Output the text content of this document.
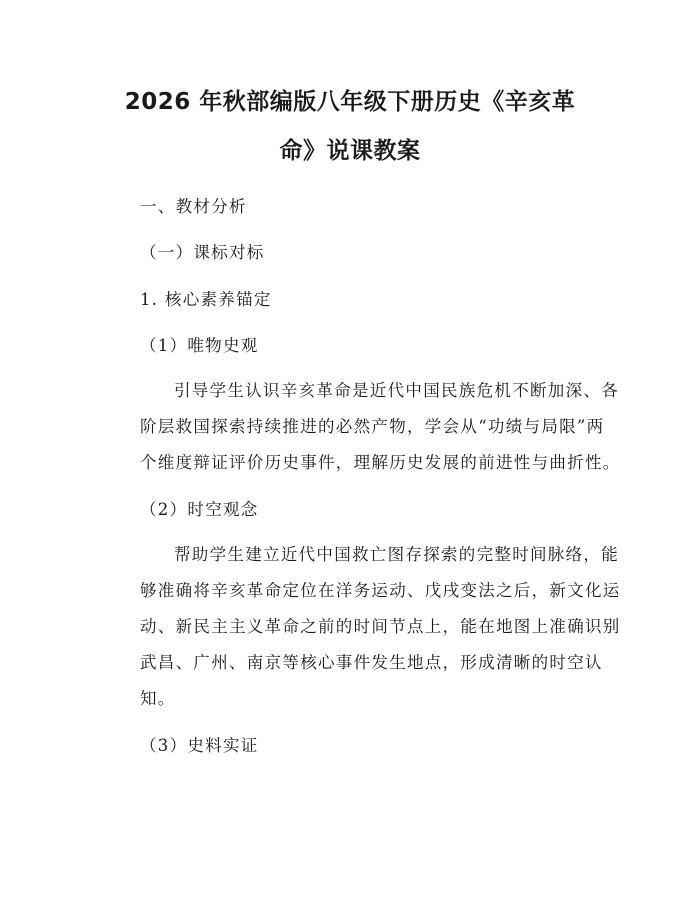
2026 年秋部编版八年级下册历史《辛亥革
命》说课教案
一、教材分析
（一）课标对标
1. 核心素养锚定
（1）唯物史观
引导学生认识辛亥革命是近代中国民族危机不断加深、各
阶层救国探索持续推进的必然产物，学会从“功绩与局限”两
个维度辩证评价历史事件，理解历史发展的前进性与曲折性。
（2）时空观念
帮助学生建立近代中国救亡图存探索的完整时间脉络，能
够准确将辛亥革命定位在洋务运动、戊戌变法之后，新文化运
动、新民主主义革命之前的时间节点上，能在地图上准确识别
武昌、广州、南京等核心事件发生地点，形成清晰的时空认
知。
（3）史料实证
